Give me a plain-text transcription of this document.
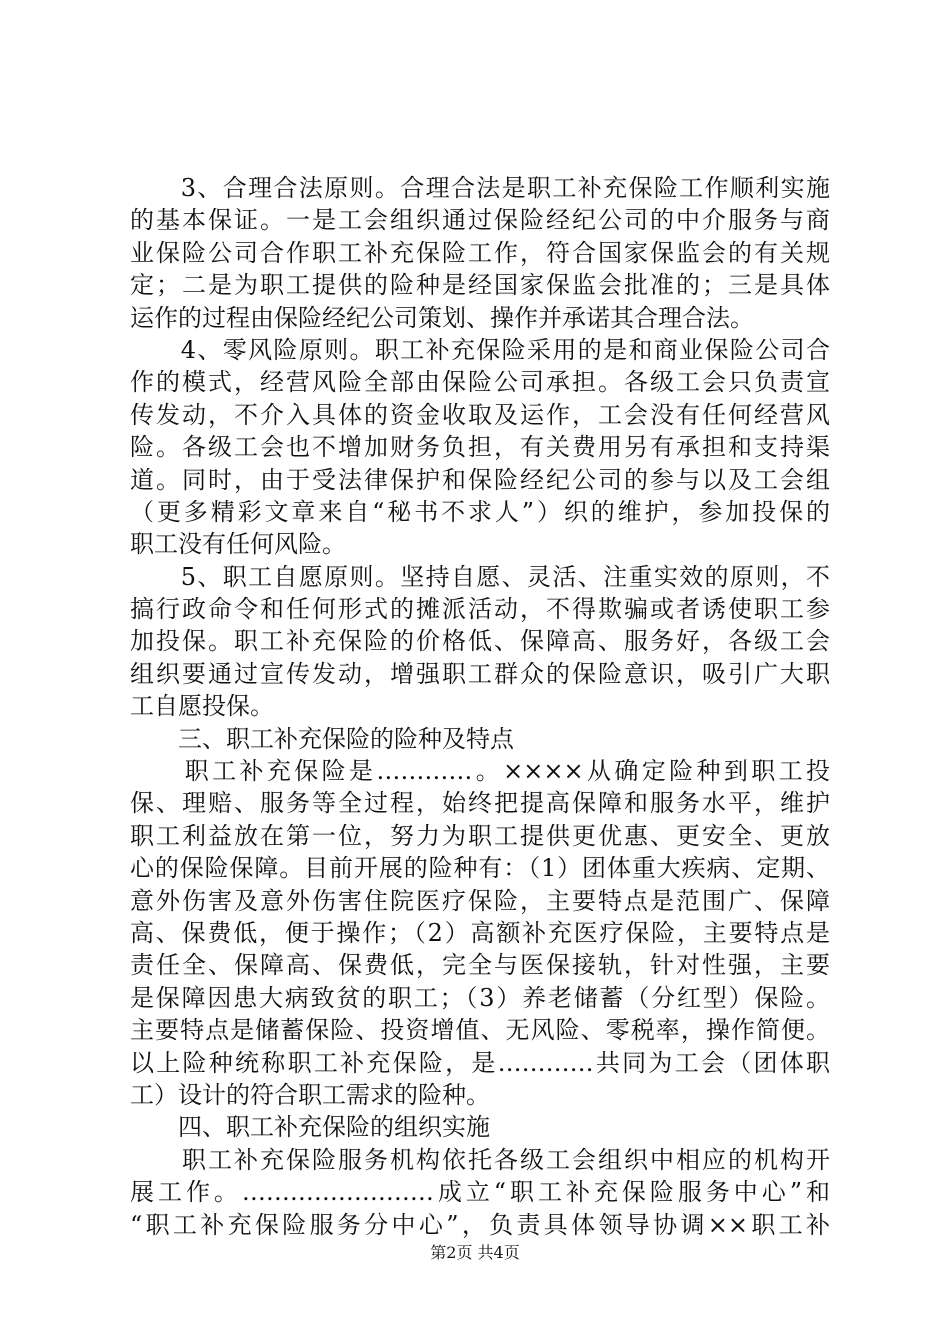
　　3、合理合法原则。合理合法是职工补充保险工作顺利实施
的基本保证。一是工会组织通过保险经纪公司的中介服务与商
业保险公司合作职工补充保险工作，符合国家保监会的有关规
定；二是为职工提供的险种是经国家保监会批准的；三是具体
运作的过程由保险经纪公司策划、操作并承诺其合理合法。
　　4、零风险原则。职工补充保险采用的是和商业保险公司合
作的模式，经营风险全部由保险公司承担。各级工会只负责宣
传发动，不介入具体的资金收取及运作，工会没有任何经营风
险。各级工会也不增加财务负担，有关费用另有承担和支持渠
道。同时，由于受法律保护和保险经纪公司的参与以及工会组
（更多精彩文章来自“秘书不求人”）织的维护，参加投保的
职工没有任何风险。
　　5、职工自愿原则。坚持自愿、灵活、注重实效的原则，不
搞行政命令和任何形式的摊派活动，不得欺骗或者诱使职工参
加投保。职工补充保险的价格低、保障高、服务好，各级工会
组织要通过宣传发动，增强职工群众的保险意识，吸引广大职
工自愿投保。
　　三、职工补充保险的险种及特点
　　职工补充保险是…………。××××从确定险种到职工投
保、理赔、服务等全过程，始终把提高保障和服务水平，维护
职工利益放在第一位，努力为职工提供更优惠、更安全、更放
心的保险保障。目前开展的险种有：（1）团体重大疾病、定期、
意外伤害及意外伤害住院医疗保险，主要特点是范围广、保障
高、保费低，便于操作；（2）高额补充医疗保险，主要特点是
责任全、保障高、保费低，完全与医保接轨，针对性强，主要
是保障因患大病致贫的职工；（3）养老储蓄（分红型）保险。
主要特点是储蓄保险、投资增值、无风险、零税率，操作简便。
以上险种统称职工补充保险，是…………共同为工会（团体职
工）设计的符合职工需求的险种。
　　四、职工补充保险的组织实施
　　职工补充保险服务机构依托各级工会组织中相应的机构开
展工作。……………………成立“职工补充保险服务中心”和
“职工补充保险服务分中心”，负责具体领导协调××职工补
第2页 共4页
